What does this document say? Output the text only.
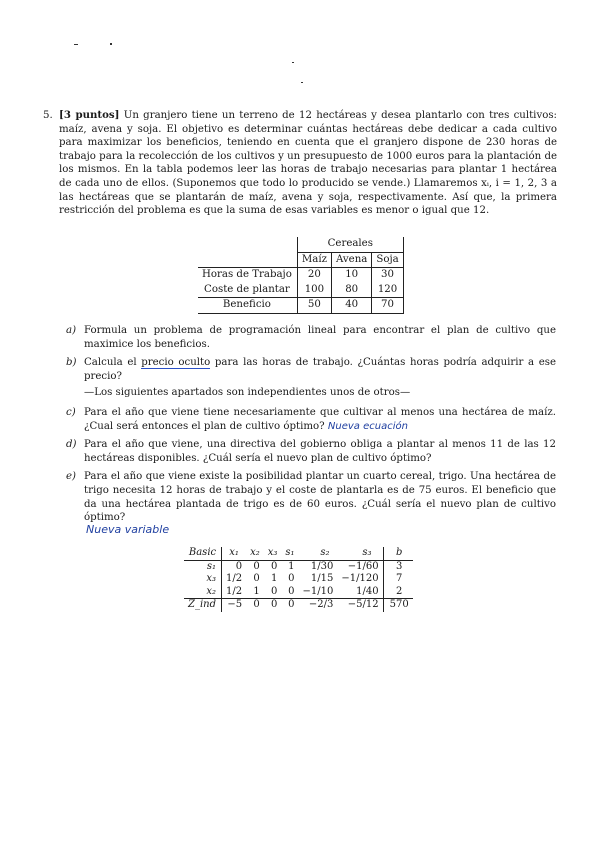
5. [3 puntos] Un granjero tiene un terreno de 12 hectáreas y desea plantarlo con tres cultivos: maíz, avena y soja. El objetivo es determinar cuántas hectáreas debe dedicar a cada cultivo para maximizar los beneficios, teniendo en cuenta que el granjero dispone de 230 horas de trabajo para la recolección de los cultivos y un presupuesto de 1000 euros para la plantación de los mismos. En la tabla podemos leer las horas de trabajo necesarias para plantar 1 hectárea de cada uno de ellos. (Suponemos que todo lo producido se vende.) Llamaremos xᵢ, i = 1, 2, 3 a las hectáreas que se plantarán de maíz, avena y soja, respectivamente. Así que, la primera restricción del problema es que la suma de esas variables es menor o igual que 12.
	Cereales		
	Maíz	Avena	Soja
Horas de Trabajo	20	10	30
Coste de plantar	100	80	120
Beneficio	50	40	70
a) Formula un problema de programación lineal para encontrar el plan de cultivo que maximice los beneficios.
b) Calcula el precio oculto para las horas de trabajo. ¿Cuántas horas podría adquirir a ese precio?
—Los siguientes apartados son independientes unos de otros—
c) Para el año que viene tiene necesariamente que cultivar al menos una hectárea de maíz. ¿Cual será entonces el plan de cultivo óptimo? Nueva ecuación
d) Para el año que viene, una directiva del gobierno obliga a plantar al menos 11 de las 12 hectáreas disponibles. ¿Cuál sería el nuevo plan de cultivo óptimo?
e) Para el año que viene existe la posibilidad plantar un cuarto cereal, trigo. Una hectárea de trigo necesita 12 horas de trabajo y el coste de plantarla es de 75 euros. El beneficio que da una hectárea plantada de trigo es de 60 euros. ¿Cuál sería el nuevo plan de cultivo óptimo?
Nueva variable
Basic	x₁	x₂	x₃	s₁	s₂	s₃	b
s₁	0	0	0	1	1/30	−1/60	3
x₃	1/2	0	1	0	1/15	−1/120	7
x₂	1/2	1	0	0	−1/10	1/40	2
Z_ind	−5	0	0	0	−2/3	−5/12	570
